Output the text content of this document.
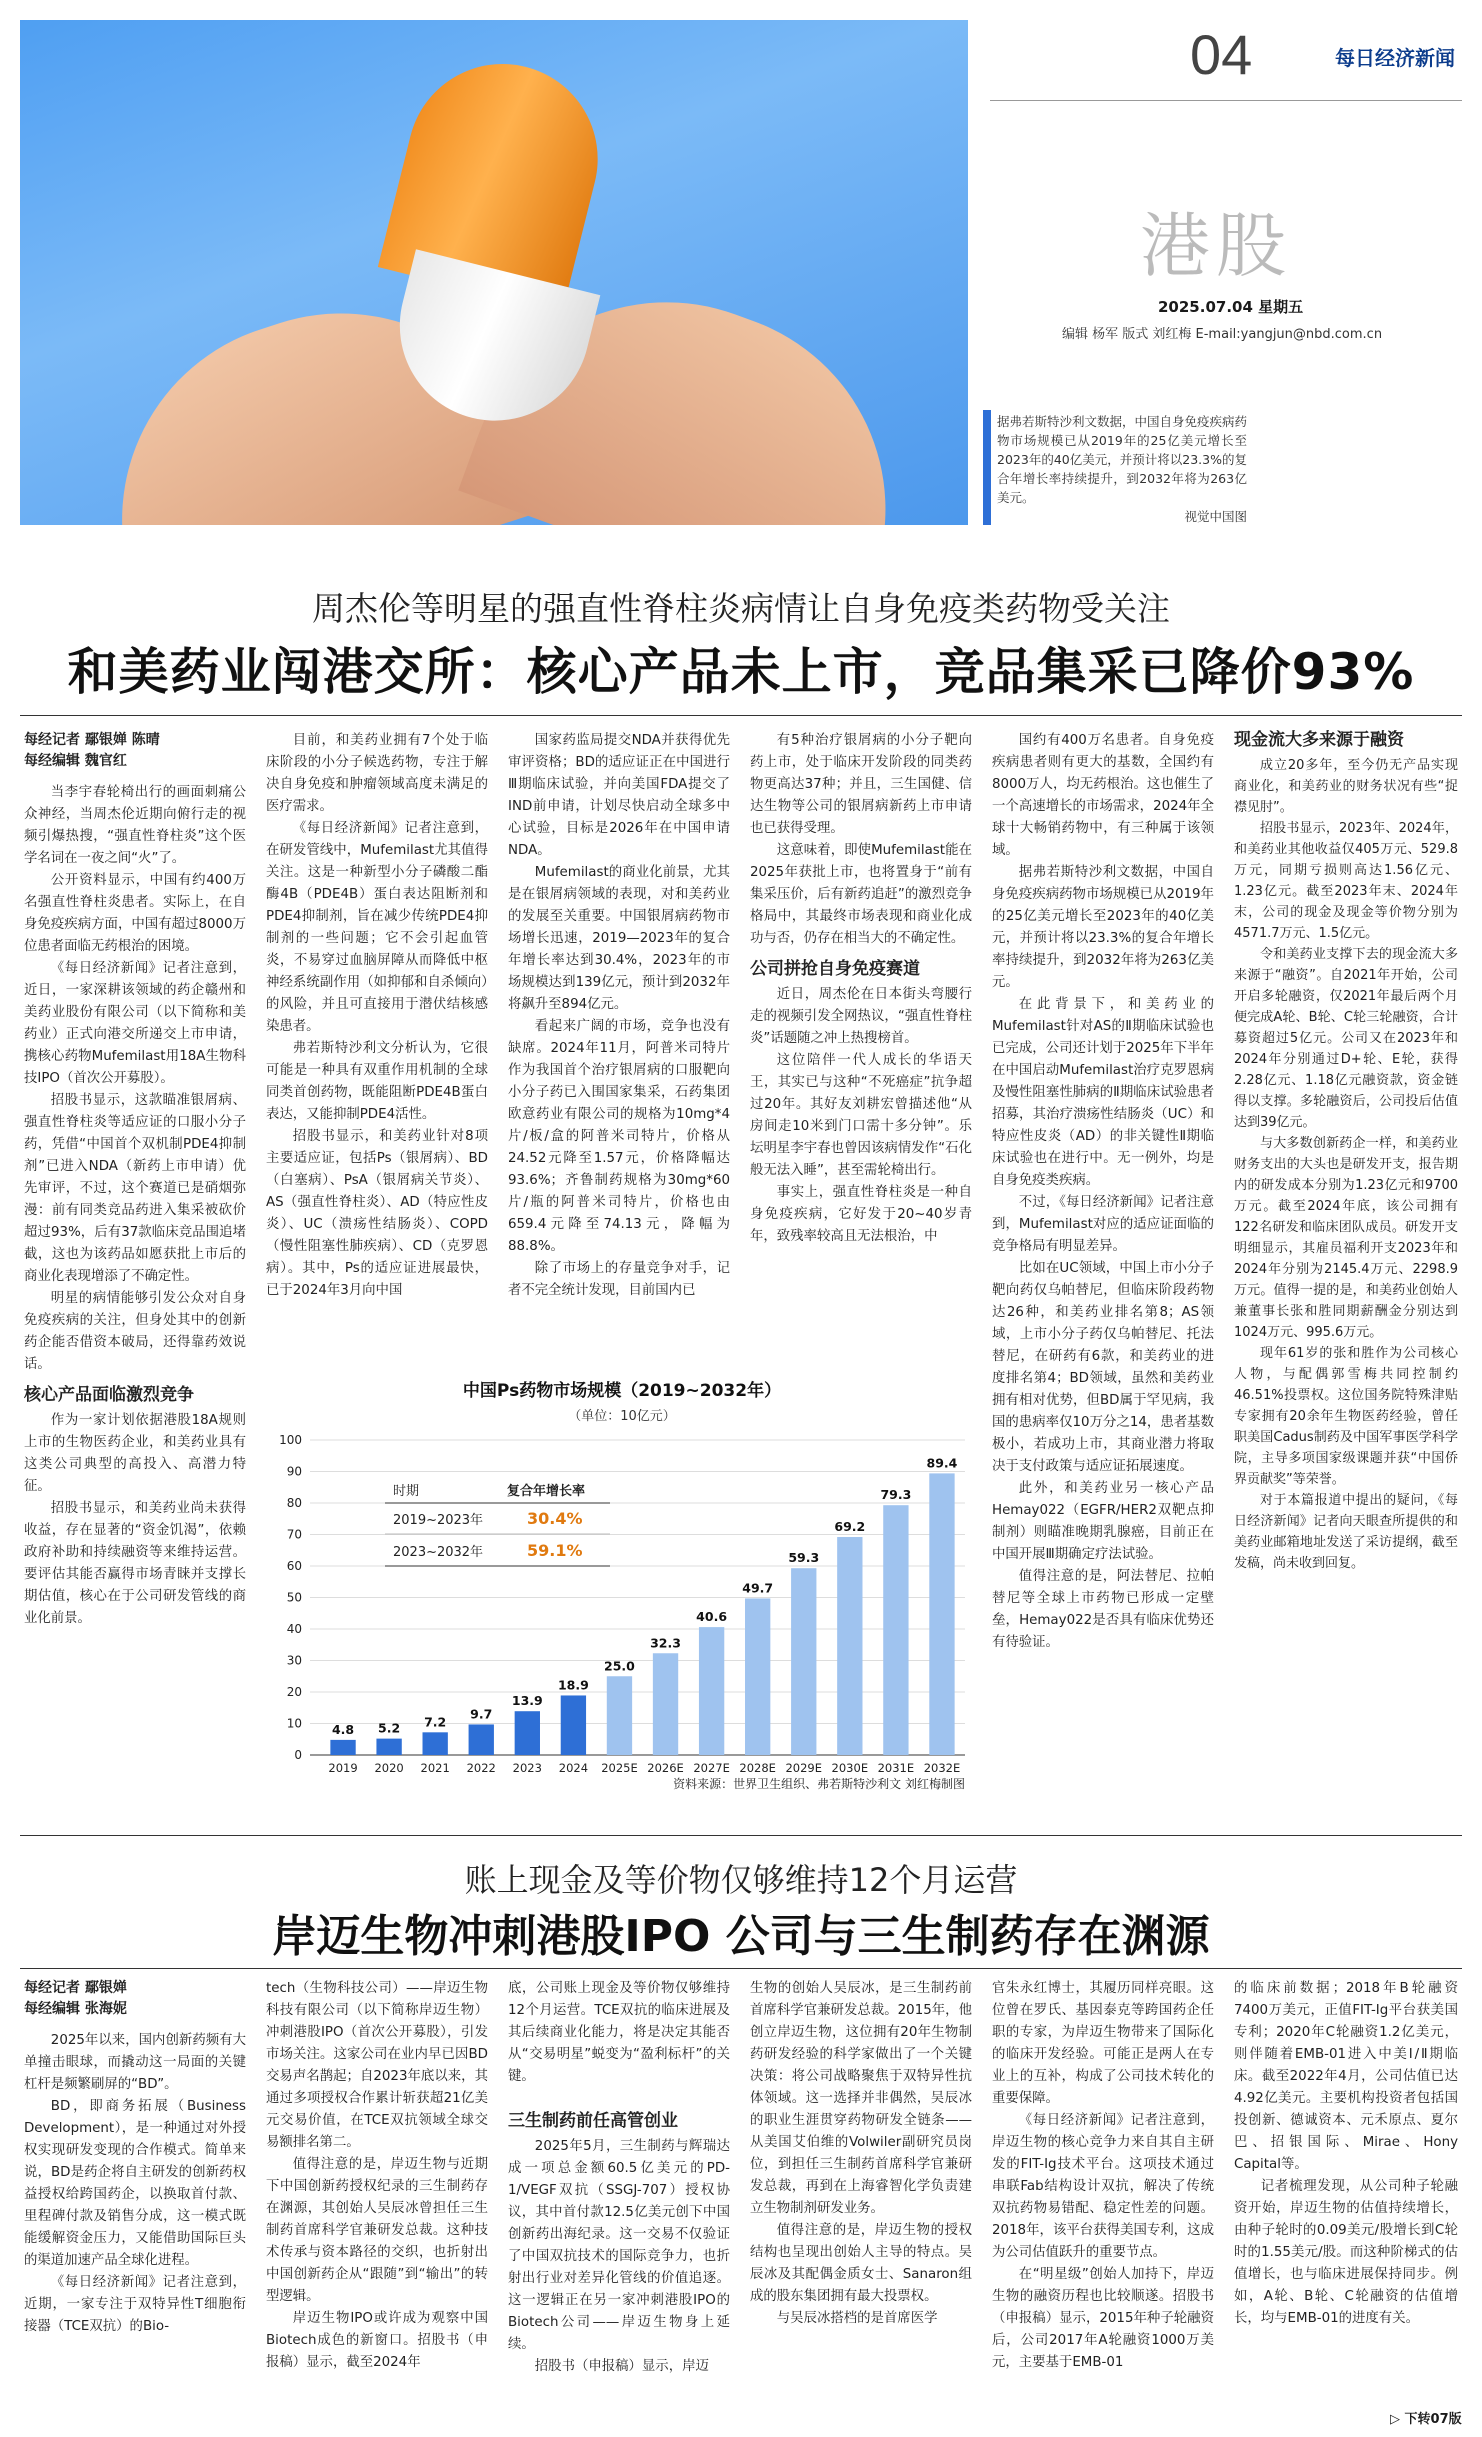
04	每日经济新闻
港股
2025.07.04 星期五
编辑 杨军 版式 刘红梅 E-mail:yangjun@nbd.com.cn
据弗若斯特沙利文数据，中国自身免疫疾病药物市场规模已从2019年的25亿美元增长至2023年的40亿美元，并预计将以23.3%的复合年增长率持续提升，到2032年将为263亿美元。
视觉中国图
周杰伦等明星的强直性脊柱炎病情让自身免疫类药物受关注
和美药业闯港交所：核心产品未上市，竞品集采已降价93%
每经记者 鄢银婵 陈晴
每经编辑 魏官红

当李宇春轮椅出行的画面刺痛公众神经，当周杰伦近期向俯行走的视频引爆热搜，“强直性脊柱炎”这个医学名词在一夜之间“火”了。

公开资料显示，中国有约400万名强直性脊柱炎患者。实际上，在自身免疫疾病方面，中国有超过8000万位患者面临无药根治的困境。

《每日经济新闻》记者注意到，近日，一家深耕该领域的药企赣州和美药业股份有限公司（以下简称和美药业）正式向港交所递交上市申请，携核心药物Mufemilast用18A生物科技IPO（首次公开募股）。

招股书显示，这款瞄准银屑病、强直性脊柱炎等适应证的口服小分子药，凭借“中国首个双机制PDE4抑制剂”已进入NDA（新药上市申请）优先审评，不过，这个赛道已是硝烟弥漫：前有同类竞品药进入集采被砍价超过93%，后有37款临床竞品围追堵截，这也为该药品如愿获批上市后的商业化表现增添了不确定性。

明星的病情能够引发公众对自身免疫疾病的关注，但身处其中的创新药企能否借资本破局，还得靠药效说话。

核心产品面临激烈竞争

作为一家计划依据港股18A规则上市的生物医药企业，和美药业具有这类公司典型的高投入、高潜力特征。

招股书显示，和美药业尚未获得收益，存在显著的“资金饥渴”，依赖政府补助和持续融资等来维持运营。要评估其能否赢得市场青睐并支撑长期估值，核心在于公司研发管线的商业化前景。

目前，和美药业拥有7个处于临床阶段的小分子候选药物，专注于解决自身免疫和肿瘤领域高度未满足的医疗需求。

《每日经济新闻》记者注意到，在研发管线中，Mufemilast尤其值得关注。这是一种新型小分子磷酸二酯酶4B（PDE4B）蛋白表达阻断剂和PDE4抑制剂，旨在减少传统PDE4抑制剂的一些问题；它不会引起血管炎，不易穿过血脑屏障从而降低中枢神经系统副作用（如抑郁和自杀倾向）的风险，并且可直接用于潜伏结核感染患者。

弗若斯特沙利文分析认为，它很可能是一种具有双重作用机制的全球同类首创药物，既能阻断PDE4B蛋白表达，又能抑制PDE4活性。

招股书显示，和美药业针对8项主要适应证，包括Ps（银屑病）、BD（白塞病）、PsA（银屑病关节炎）、AS（强直性脊柱炎）、AD（特应性皮炎）、UC（溃疡性结肠炎）、COPD（慢性阻塞性肺疾病）、CD（克罗恩病）。其中，Ps的适应证进展最快，已于2024年3月向中国

国家药监局提交NDA并获得优先审评资格；BD的适应证正在中国进行Ⅲ期临床试验，并向美国FDA提交了IND前申请，计划尽快启动全球多中心试验，目标是2026年在中国申请NDA。

Mufemilast的商业化前景，尤其是在银屑病领域的表现，对和美药业的发展至关重要。中国银屑病药物市场增长迅速，2019—2023年的复合年增长率达到30.4%，2023年的市场规模达到139亿元，预计到2032年将飙升至894亿元。

看起来广阔的市场，竞争也没有缺席。2024年11月，阿普米司特片作为我国首个治疗银屑病的口服靶向小分子药已入围国家集采，石药集团欧意药业有限公司的规格为10mg*4片/板/盒的阿普米司特片，价格从24.52元降至1.57元，价格降幅达93.6%；齐鲁制药规格为30mg*60片/瓶的阿普米司特片，价格也由659.4元降至74.13元，降幅为88.8%。

除了市场上的存量竞争对手，记者不完全统计发现，目前国内已

有5种治疗银屑病的小分子靶向药上市，处于临床开发阶段的同类药物更高达37种；并且，三生国健、信达生物等公司的银屑病新药上市申请也已获得受理。

这意味着，即使Mufemilast能在2025年获批上市，也将置身于“前有集采压价，后有新药追赶”的激烈竞争格局中，其最终市场表现和商业化成功与否，仍存在相当大的不确定性。

公司拼抢自身免疫赛道

近日，周杰伦在日本街头弯腰行走的视频引发全网热议，“强直性脊柱炎”话题随之冲上热搜榜首。

这位陪伴一代人成长的华语天王，其实已与这种“不死癌症”抗争超过20年。其好友刘耕宏曾描述他“从房间走10米到门口需十多分钟”。乐坛明星李宇春也曾因该病情发作“石化般无法入睡”，甚至需轮椅出行。

事实上，强直性脊柱炎是一种自身免疫疾病，它好发于20~40岁青年，致残率较高且无法根治，中

国约有400万名患者。自身免疫疾病患者则有更大的基数，全国约有8000万人，均无药根治。这也催生了一个高速增长的市场需求，2024年全球十大畅销药物中，有三种属于该领域。

据弗若斯特沙利文数据，中国自身免疫疾病药物市场规模已从2019年的25亿美元增长至2023年的40亿美元，并预计将以23.3%的复合年增长率持续提升，到2032年将为263亿美元。

在此背景下，和美药业的Mufemilast针对AS的Ⅱ期临床试验也已完成，公司还计划于2025年下半年在中国启动Mufemilast治疗克罗恩病及慢性阻塞性肺病的Ⅱ期临床试验患者招募，其治疗溃疡性结肠炎（UC）和特应性皮炎（AD）的非关键性Ⅱ期临床试验也在进行中。无一例外，均是自身免疫类疾病。

不过，《每日经济新闻》记者注意到，Mufemilast对应的适应证面临的竞争格局有明显差异。

比如在UC领域，中国上市小分子靶向药仅乌帕替尼，但临床阶段药物达26种，和美药业排名第8；AS领域，上市小分子药仅乌帕替尼、托法替尼，在研药有6款，和美药业的进度排名第4；BD领域，虽然和美药业拥有相对优势，但BD属于罕见病，我国的患病率仅10万分之14，患者基数极小，若成功上市，其商业潜力将取决于支付政策与适应证拓展速度。

此外，和美药业另一核心产品Hemay022（EGFR/HER2双靶点抑制剂）则瞄准晚期乳腺癌，目前正在中国开展Ⅲ期确定疗法试验。

值得注意的是，阿法替尼、拉帕替尼等全球上市药物已形成一定壁垒，Hemay022是否具有临床优势还有待验证。

现金流大多来源于融资

成立20多年，至今仍无产品实现商业化，和美药业的财务状况有些“捉襟见肘”。

招股书显示，2023年、2024年，和美药业其他收益仅405万元、529.8万元，同期亏损则高达1.56亿元、1.23亿元。截至2023年末、2024年末，公司的现金及现金等价物分别为4571.7万元、1.5亿元。

令和美药业支撑下去的现金流大多来源于“融资”。自2021年开始，公司开启多轮融资，仅2021年最后两个月便完成A轮、B轮、C轮三轮融资，合计募资超过5亿元。公司又在2023年和2024年分别通过D+轮、E轮，获得2.28亿元、1.18亿元融资款，资金链得以支撑。多轮融资后，公司投后估值达到39亿元。

与大多数创新药企一样，和美药业财务支出的大头也是研发开支，报告期内的研发成本分别为1.23亿元和9700万元。截至2024年底，该公司拥有122名研发和临床团队成员。研发开支明细显示，其雇员福利开支2023年和2024年分别为2145.4万元、2298.9万元。值得一提的是，和美药业创始人兼董事长张和胜同期薪酬金分别达到1024万元、995.6万元。

现年61岁的张和胜作为公司核心人物，与配偶郭雪梅共同控制约46.51%投票权。这位国务院特殊津贴专家拥有20余年生物医药经验，曾任职美国Cadus制药及中国军事医学科学院，主导多项国家级课题并获“中国侨界贡献奖”等荣誉。

对于本篇报道中提出的疑问，《每日经济新闻》记者向天眼查所提供的和美药业邮箱地址发送了采访提纲，截至发稿，尚未收到回复。

中国Ps药物市场规模（2019~2032年）
（单位：10亿元）
0
10
20
30
40
50
60
70
80
90
100
4.8
2019
5.2
2020
7.2
2021
9.7
2022
13.9
2023
18.9
2024
25.0
2025E
32.3
2026E
40.6
2027E
49.7
2028E
59.3
2029E
69.2
2030E
79.3
2031E
89.4
2032E
时期	复合年增长率
2019~2023年	30.4%
2023~2032年	59.1%
资料来源：世界卫生组织、弗若斯特沙利文 刘红梅制图
账上现金及等价物仅够维持12个月运营
岸迈生物冲刺港股IPO 公司与三生制药存在渊源
每经记者 鄢银婵
每经编辑 张海妮

2025年以来，国内创新药频有大单撞击眼球，而撬动这一局面的关键杠杆是频繁刷屏的“BD”。

BD，即商务拓展（Business Development），是一种通过对外授权实现研发变现的合作模式。简单来说，BD是药企将自主研发的创新药权益授权给跨国药企，以换取首付款、里程碑付款及销售分成，这一模式既能缓解资金压力，又能借助国际巨头的渠道加速产品全球化进程。

《每日经济新闻》记者注意到，近期，一家专注于双特异性T细胞衔接器（TCE双抗）的Bio-

tech（生物科技公司）——岸迈生物科技有限公司（以下简称岸迈生物）冲刺港股IPO（首次公开募股），引发市场关注。这家公司在业内早已因BD交易声名鹊起；自2023年底以来，其通过多项授权合作累计斩获超21亿美元交易价值，在TCE双抗领域全球交易额排名第二。

值得注意的是，岸迈生物与近期下中国创新药授权纪录的三生制药存在渊源，其创始人吴辰冰曾担任三生制药首席科学官兼研发总裁。这种技术传承与资本路径的交织，也折射出中国创新药企从“跟随”到“输出”的转型逻辑。

岸迈生物IPO或许成为观察中国Biotech成色的新窗口。招股书（申报稿）显示，截至2024年

底，公司账上现金及等价物仅够维持12个月运营。TCE双抗的临床进展及其后续商业化能力，将是决定其能否从“交易明星”蜕变为“盈利标杆”的关键。

三生制药前任高管创业

2025年5月，三生制药与辉瑞达成一项总金额60.5亿美元的PD-1/VEGF双抗（SSGJ-707）授权协议，其中首付款12.5亿美元创下中国创新药出海纪录。这一交易不仅验证了中国双抗技术的国际竞争力，也折射出行业对差异化管线的价值追逐。这一逻辑正在另一家冲刺港股IPO的Biotech公司——岸迈生物身上延续。

招股书（申报稿）显示，岸迈

生物的创始人吴辰冰，是三生制药前首席科学官兼研发总裁。2015年，他创立岸迈生物，这位拥有20年生物制药研发经验的科学家做出了一个关键决策：将公司战略聚焦于双特异性抗体领域。这一选择并非偶然，吴辰冰的职业生涯贯穿药物研发全链条——从美国艾伯维的Volwiler副研究员岗位，到担任三生制药首席科学官兼研发总裁，再到在上海睿智化学负责建立生物制剂研发业务。

值得注意的是，岸迈生物的授权结构也呈现出创始人主导的特点。吴辰冰及其配偶金质女士、Sanaron组成的股东集团拥有最大投票权。

与吴辰冰搭档的是首席医学

官朱永红博士，其履历同样亮眼。这位曾在罗氏、基因泰克等跨国药企任职的专家，为岸迈生物带来了国际化的临床开发经验。可能正是两人在专业上的互补，构成了公司技术转化的重要保障。

《每日经济新闻》记者注意到，岸迈生物的核心竞争力来自其自主研发的FIT-Ig技术平台。这项技术通过串联Fab结构设计双抗，解决了传统双抗药物易错配、稳定性差的问题。2018年，该平台获得美国专利，这成为公司估值跃升的重要节点。

在“明星级”创始人加持下，岸迈生物的融资历程也比较顺遂。招股书（申报稿）显示，2015年种子轮融资后，公司2017年A轮融资1000万美元，主要基于EMB-01

的临床前数据；2018年B轮融资7400万美元，正值FIT-Ig平台获美国专利；2020年C轮融资1.2亿美元，则伴随着EMB-01进入中美Ⅰ/Ⅱ期临床。截至2022年4月，公司估值已达4.92亿美元。主要机构投资者包括国投创新、德诚资本、元禾原点、夏尔巴、招银国际、Mirae、Hony Capital等。

记者梳理发现，从公司种子轮融资开始，岸迈生物的估值持续增长，由种子轮时的0.09美元/股增长到C轮时的1.55美元/股。而这种阶梯式的估值增长，也与临床进展保持同步。例如，A轮、B轮、C轮融资的估值增长，均与EMB-01的进度有关。

▷ 下转07版
